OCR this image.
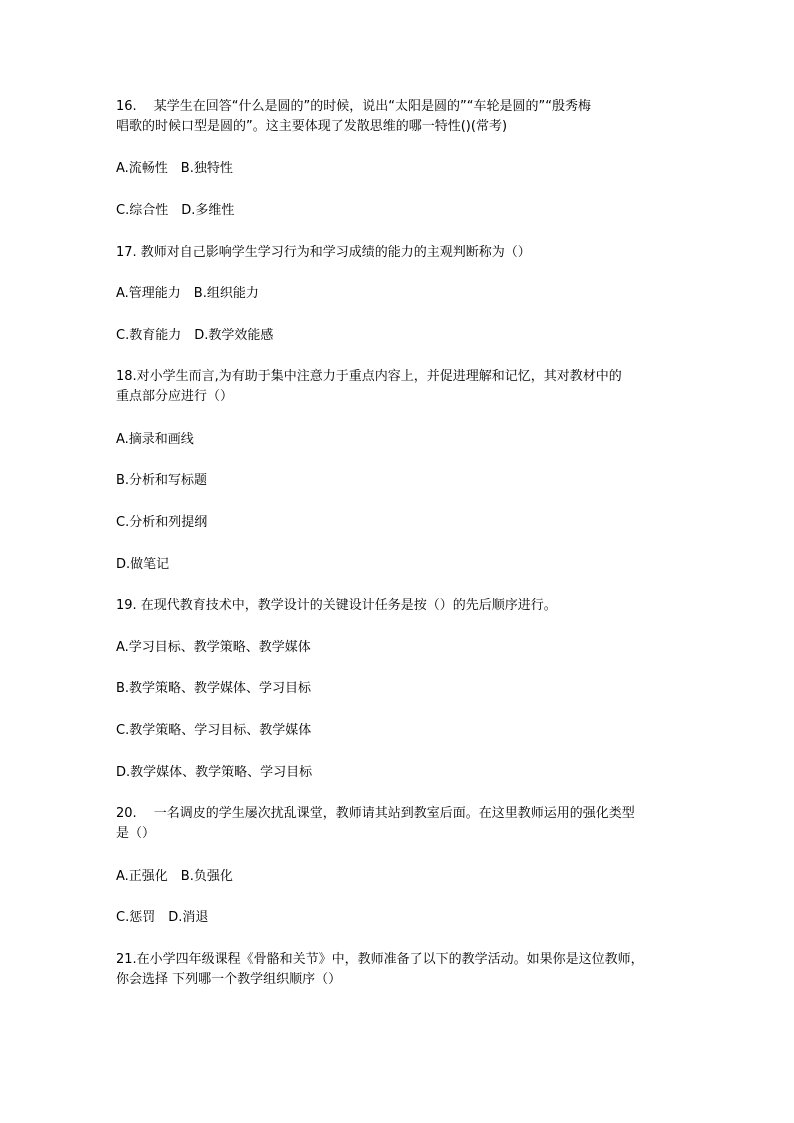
16.　 某学生在回答“什么是圆的”的时候，说出“太阳是圆的”“车轮是圆的”“殷秀梅
唱歌的时候口型是圆的”。这主要体现了发散思维的哪一特性()(常考)
A.流畅性　B.独特性
C.综合性　D.多维性
17. 教师对自己影响学生学习行为和学习成绩的能力的主观判断称为（）
A.管理能力　B.组织能力
C.教育能力　D.教学效能感
18.对小学生而言,为有助于集中注意力于重点内容上，并促进理解和记忆，其对教材中的
重点部分应进行（）
A.摘录和画线
B.分析和写标题
C.分析和列提纲
D.做笔记
19. 在现代教育技术中，教学设计的关键设计任务是按（）的先后顺序进行。
A.学习目标、教学策略、教学媒体
B.教学策略、教学媒体、学习目标
C.教学策略、学习目标、教学媒体
D.教学媒体、教学策略、学习目标
20.　 一名调皮的学生屡次扰乱课堂，教师请其站到教室后面。在这里教师运用的强化类型
是（）
A.正强化　B.负强化
C.惩罚　D.消退
21.在小学四年级课程《骨骼和关节》中，教师准备了以下的教学活动。如果你是这位教师，
你会选择 下列哪一个教学组织顺序（）
